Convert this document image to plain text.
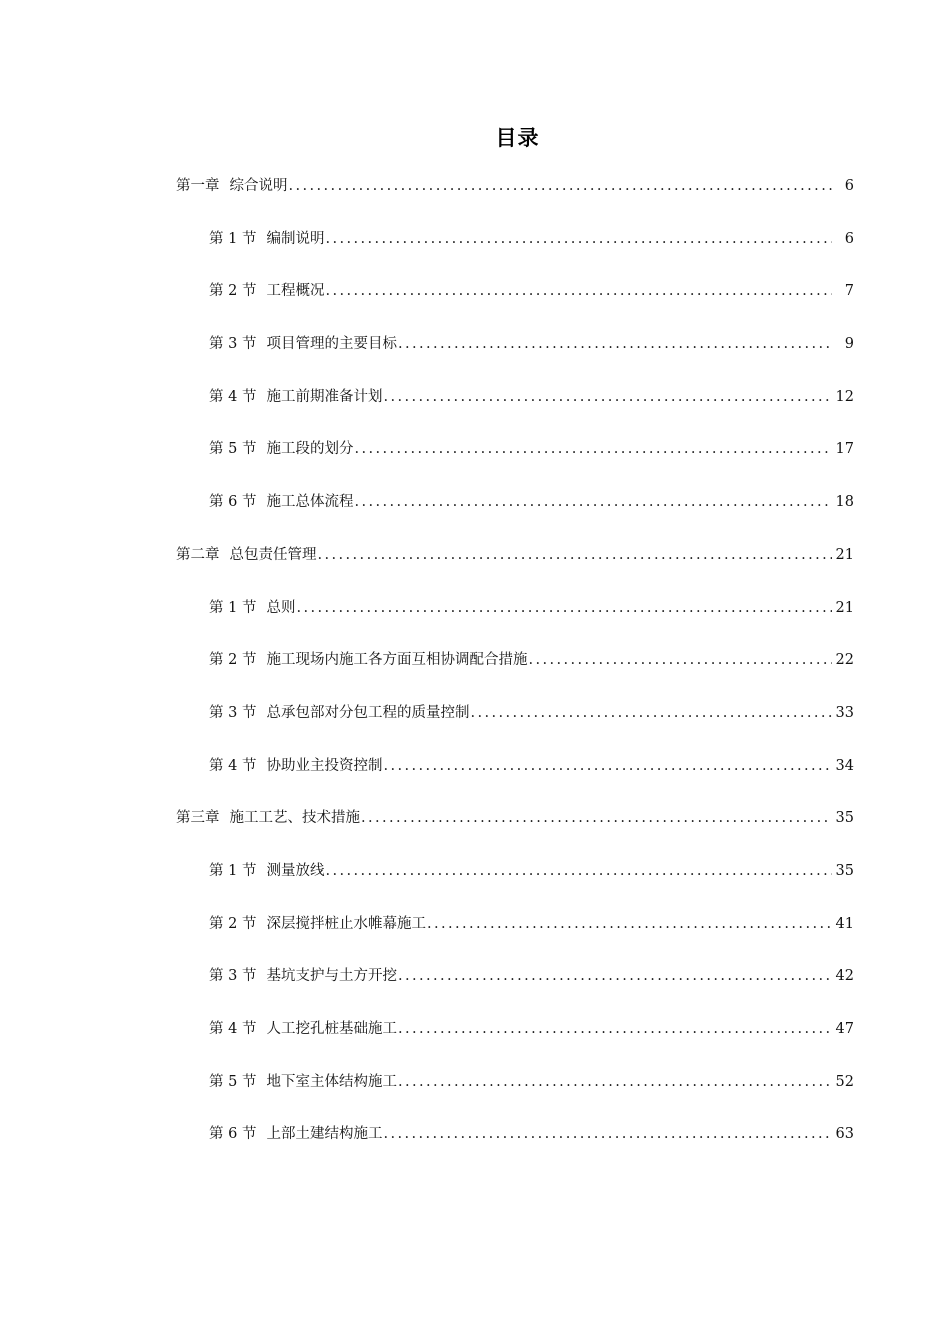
目录
第一章 综合说明 .....	6
第 1 节 编制说明 .....	6
第 2 节 工程概况 .....	7
第 3 节 项目管理的主要目标 .....	9
第 4 节 施工前期准备计划 .....	12
第 5 节 施工段的划分 .....	17
第 6 节 施工总体流程 .....	18
第二章 总包责任管理 .....	21
第 1 节 总则 .....	21
第 2 节 施工现场内施工各方面互相协调配合措施 .....	22
第 3 节 总承包部对分包工程的质量控制 .....	33
第 4 节 协助业主投资控制 .....	34
第三章 施工工艺、技术措施 .....	35
第 1 节 测量放线 .....	35
第 2 节 深层搅拌桩止水帷幕施工 .....	41
第 3 节 基坑支护与土方开挖 .....	42
第 4 节 人工挖孔桩基础施工 .....	47
第 5 节 地下室主体结构施工 .....	52
第 6 节 上部土建结构施工 .....	63
